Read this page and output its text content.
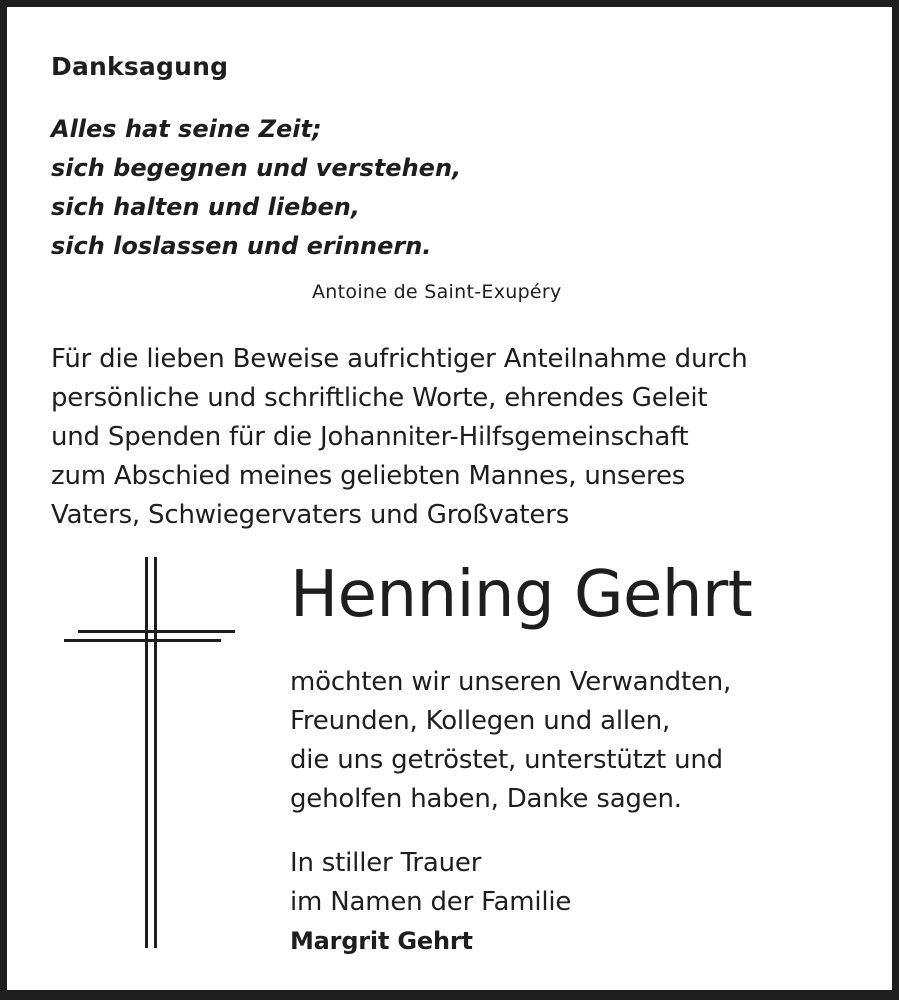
Danksagung
Alles hat seine Zeit;
sich begegnen und verstehen,
sich halten und lieben,
sich loslassen und erinnern.
Antoine de Saint-Exupéry
Für die lieben Beweise aufrichtiger Anteilnahme durch
persönliche und schriftliche Worte, ehrendes Geleit
und Spenden für die Johanniter-Hilfsgemeinschaft
zum Abschied meines geliebten Mannes, unseres
Vaters, Schwiegervaters und Großvaters
Henning Gehrt
möchten wir unseren Verwandten,
Freunden, Kollegen und allen,
die uns getröstet, unterstützt und
geholfen haben, Danke sagen.
In stiller Trauer
im Namen der Familie
Margrit Gehrt
